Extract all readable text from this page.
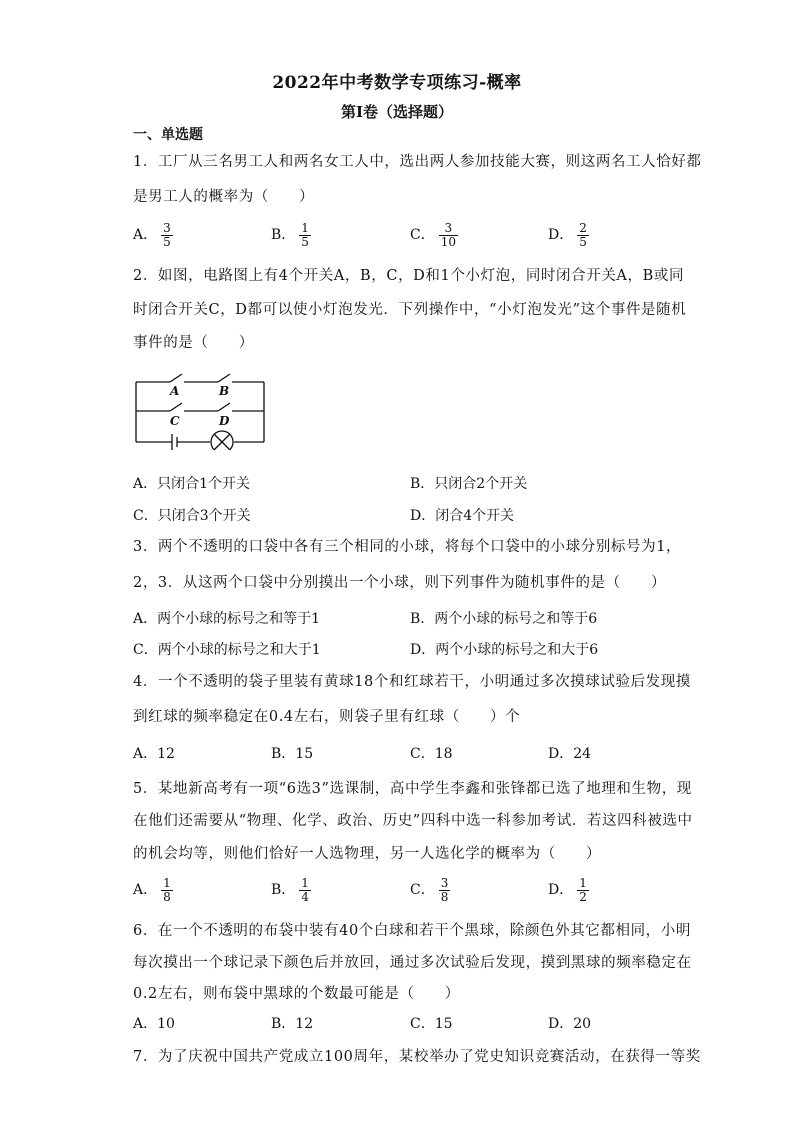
2022年中考数学专项练习-概率
第I卷（选择题）
一、单选题
1．工厂从三名男工人和两名女工人中，选出两人参加技能大赛，则这两名工人恰好都
是男工人的概率为（　　）
A． $\frac{3}{5}$	B． $\frac{1}{5}$	C． $\frac{3}{10}$	D． $\frac{2}{5}$
2．如图，电路图上有4个开关A，B，C，D和1个小灯泡，同时闭合开关A，B或同
时闭合开关C，D都可以使小灯泡发光．下列操作中，“小灯泡发光”这个事件是随机
事件的是（　　）
A	B
C	D
A．只闭合1个开关	B．只闭合2个开关
C．只闭合3个开关	D．闭合4个开关
3．两个不透明的口袋中各有三个相同的小球，将每个口袋中的小球分别标号为1，
2，3．从这两个口袋中分别摸出一个小球，则下列事件为随机事件的是（　　）
A．两个小球的标号之和等于1	B．两个小球的标号之和等于6
C．两个小球的标号之和大于1	D．两个小球的标号之和大于6
4．一个不透明的袋子里装有黄球18个和红球若干，小明通过多次摸球试验后发现摸
到红球的频率稳定在0.4左右，则袋子里有红球（　　）个
A．12	B．15	C．18	D．24
5．某地新高考有一项“6选3”选课制，高中学生李鑫和张锋都已选了地理和生物，现
在他们还需要从“物理、化学、政治、历史”四科中选一科参加考试．若这四科被选中
的机会均等，则他们恰好一人选物理，另一人选化学的概率为（　　）
A． $\frac{1}{8}$	B． $\frac{1}{4}$	C． $\frac{3}{8}$	D． $\frac{1}{2}$
6．在一个不透明的布袋中装有40个白球和若干个黑球，除颜色外其它都相同，小明
每次摸出一个球记录下颜色后并放回，通过多次试验后发现，摸到黑球的频率稳定在
0.2左右，则布袋中黑球的个数最可能是（　　）
A．10	B．12	C．15	D．20
7．为了庆祝中国共产党成立100周年，某校举办了党史知识竞赛活动，在获得一等奖
